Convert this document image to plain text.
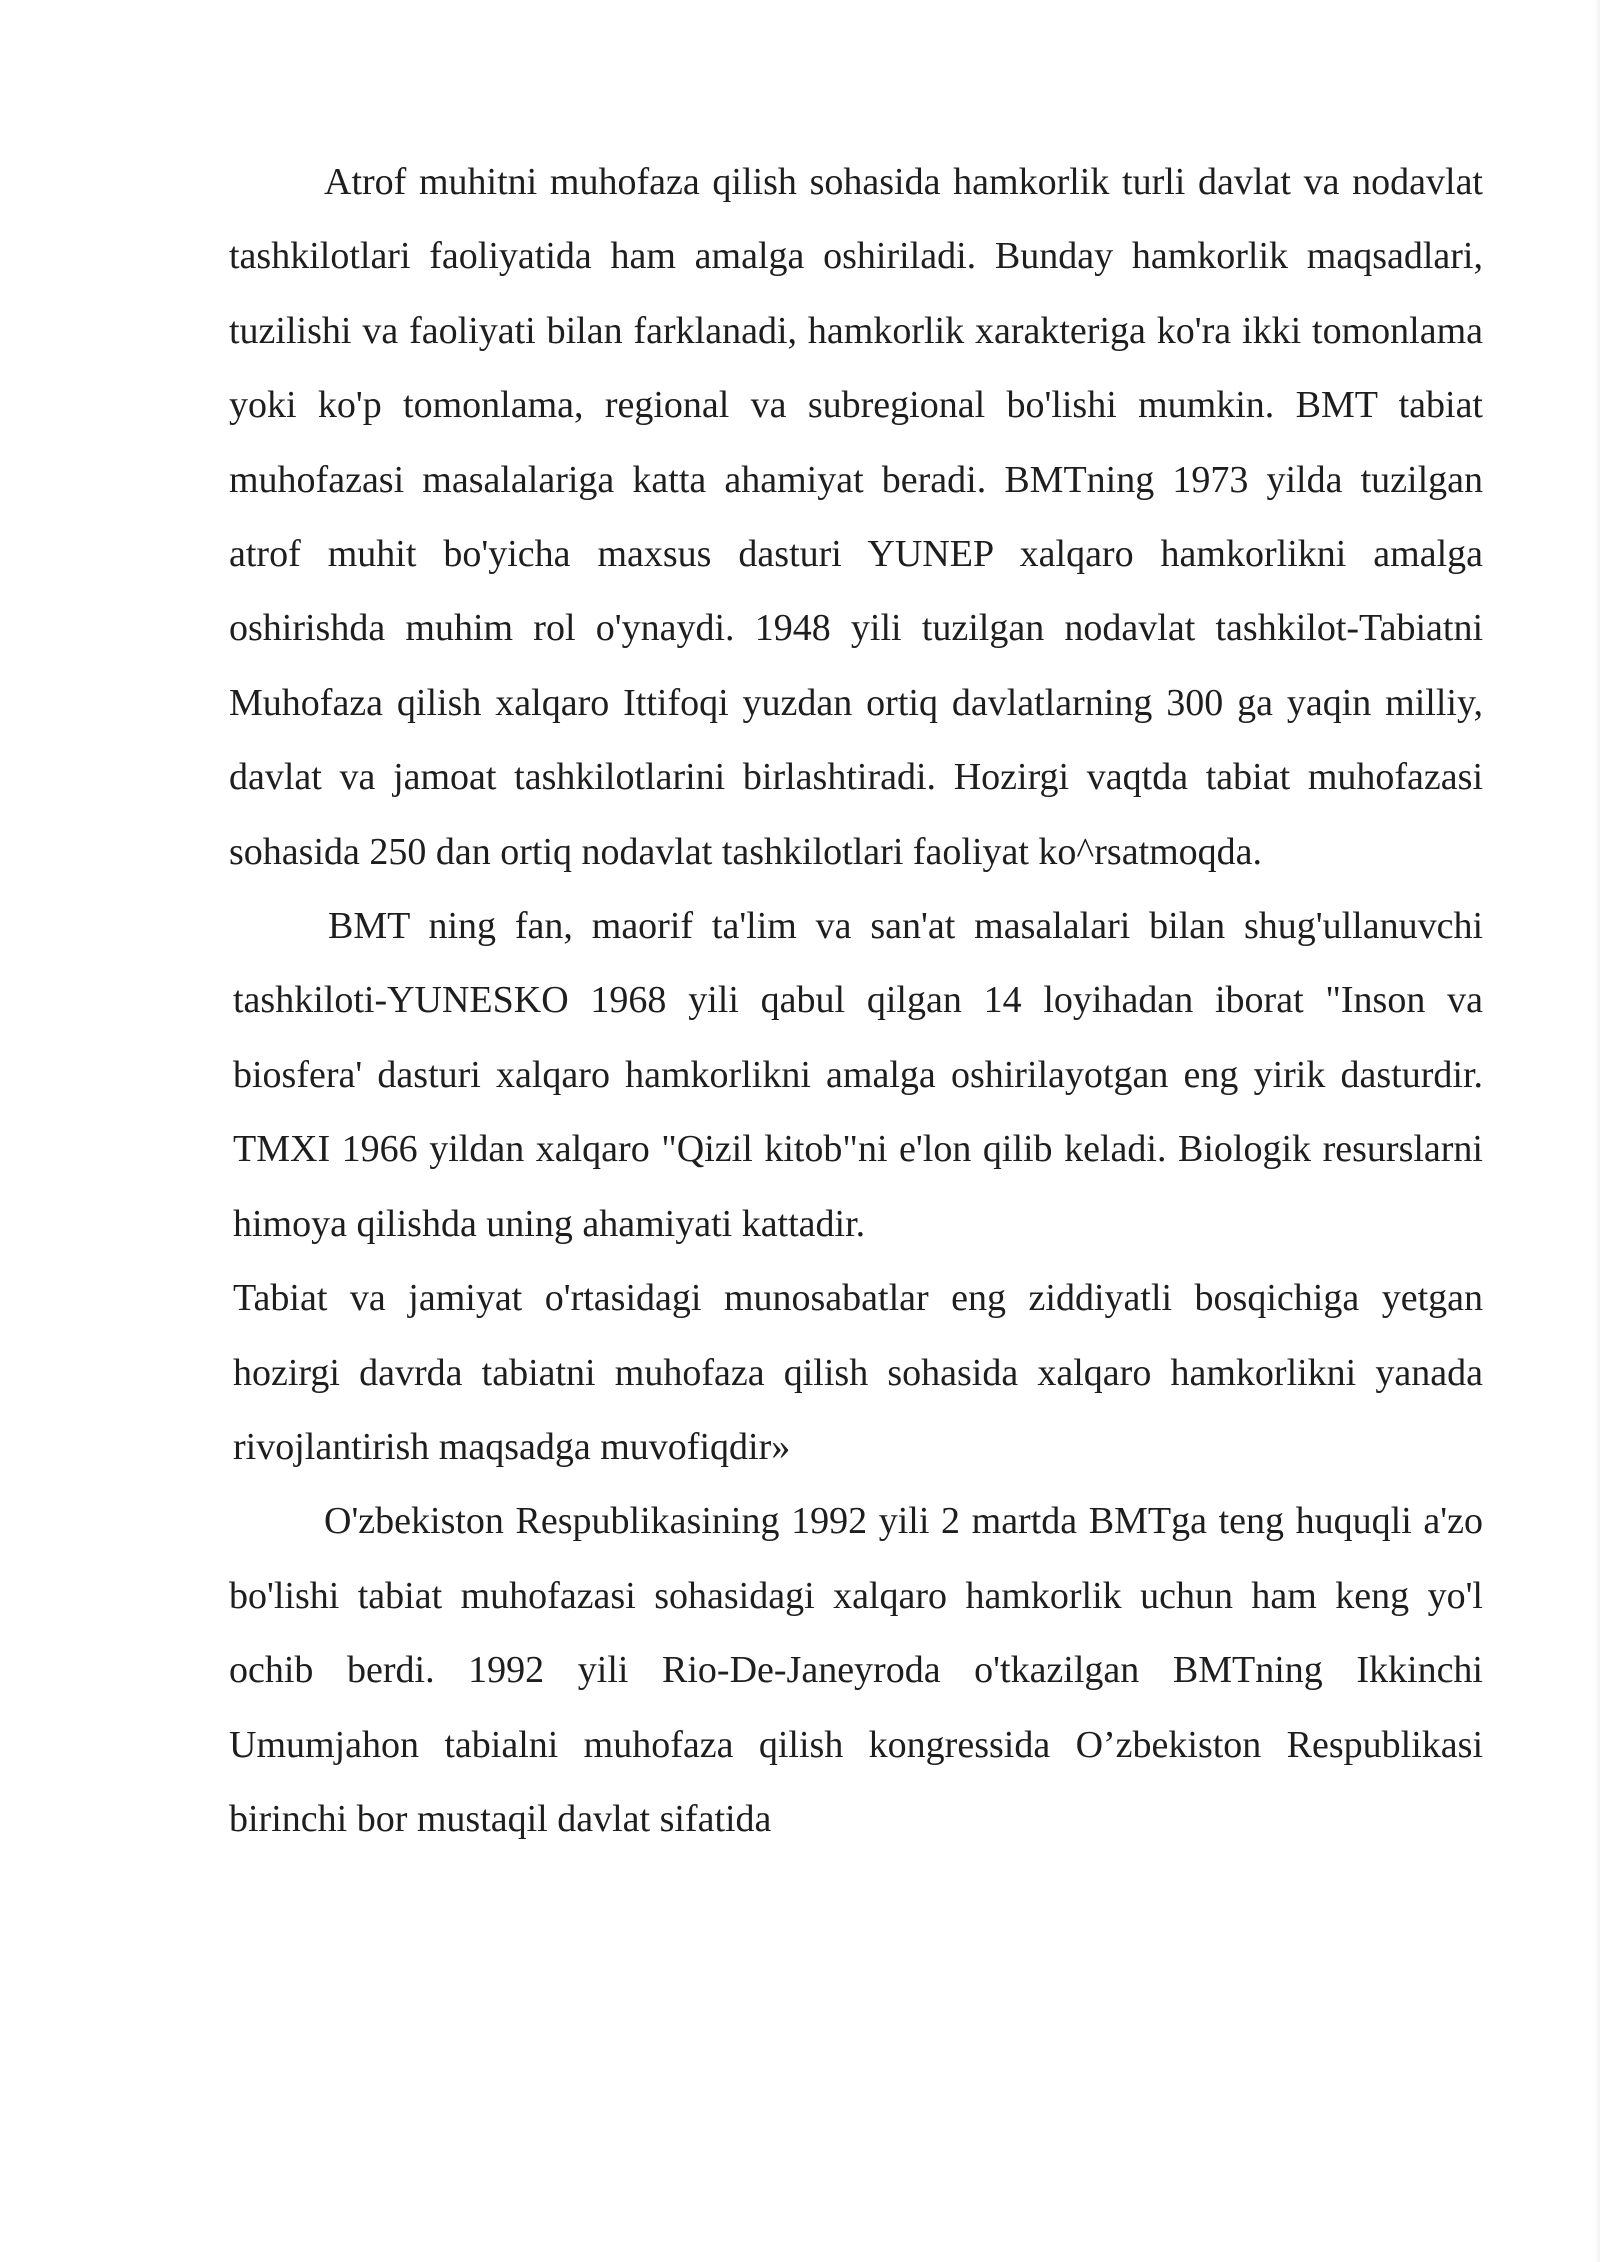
Atrof muhitni muhofaza qilish sohasida hamkorlik turli davlat va nodavlat tashkilotlari faoliyatida ham amalga oshiriladi. Bunday hamkorlik maqsadlari, tuzilishi va faoliyati bilan farklanadi, hamkorlik xarakteriga ko'ra ikki tomonlama yoki ko'p tomonlama, regional va subregional bo'lishi mumkin. BMT tabiat muhofazasi masalalariga katta ahamiyat beradi. BMTning 1973 yilda tuzilgan atrof muhit bo'yicha maxsus dasturi YUNEP xalqaro hamkorlikni amalga oshirishda muhim rol o'ynaydi. 1948 yili tuzilgan nodavlat tashkilot-Tabiatni Muhofaza qilish xalqaro Ittifoqi yuzdan ortiq davlatlarning 300 ga yaqin milliy, davlat va jamoat tashkilotlarini birlashtiradi. Hozirgi vaqtda tabiat muhofazasi sohasida 250 dan ortiq nodavlat tashkilotlari faoliyat ko^rsatmoqda.

BMT ning fan, maorif ta'lim va san'at masalalari bilan shug'ullanuvchi tashkiloti-YUNESKO 1968 yili qabul qilgan 14 loyihadan iborat "Inson va biosfera' dasturi xalqaro hamkorlikni amalga oshirilayotgan eng yirik dasturdir. TMXI 1966 yildan xalqaro "Qizil kitob"ni e'lon qilib keladi. Biologik resurslarni himoya qilishda uning ahamiyati kattadir.

Tabiat va jamiyat o'rtasidagi munosabatlar eng ziddiyatli bosqichiga yetgan hozirgi davrda tabiatni muhofaza qilish sohasida xalqaro hamkorlikni yanada rivojlantirish maqsadga muvofiqdir»

O'zbekiston Respublikasining 1992 yili 2 martda BMTga teng huquqli a'zo bo'lishi tabiat muhofazasi sohasidagi xalqaro hamkorlik uchun ham keng yo'l ochib berdi. 1992 yili Rio-De-Janeyroda o'tkazilgan BMTning Ikkinchi Umumjahon tabialni muhofaza qilish kongressida O’zbekiston Respublikasi birinchi bor mustaqil davlat sifatida
